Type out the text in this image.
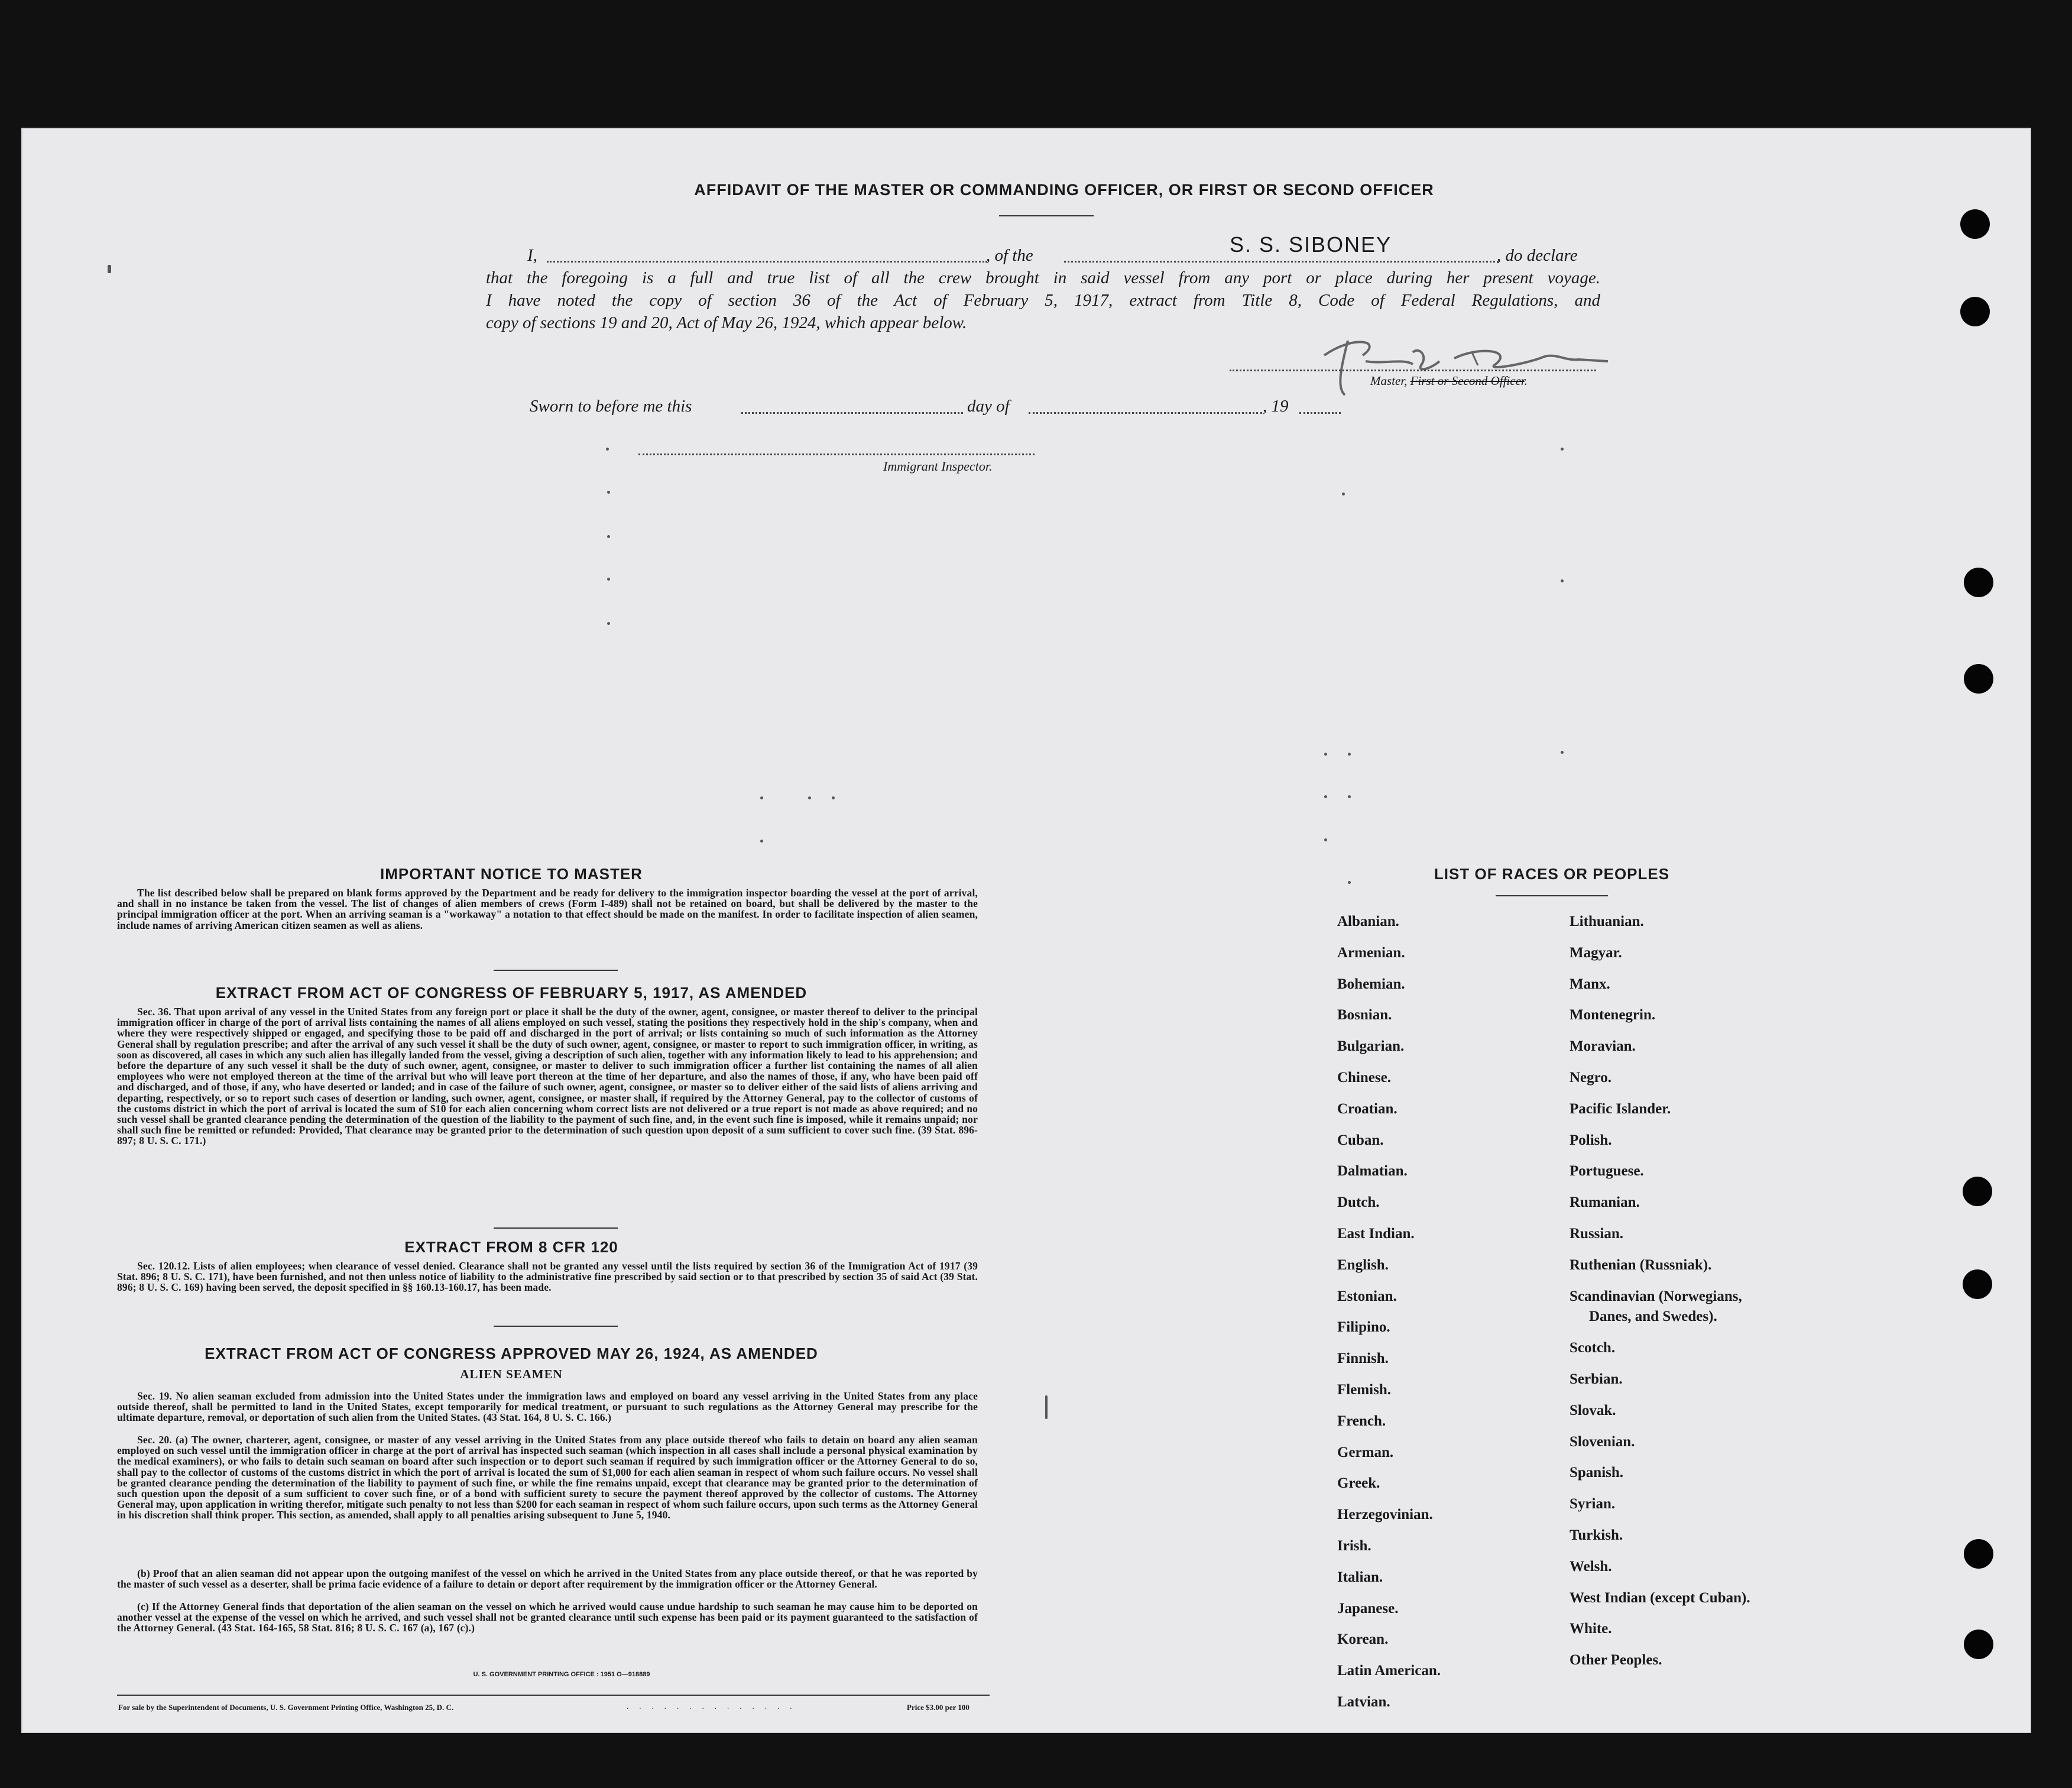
AFFIDAVIT OF THE MASTER OR COMMANDING OFFICER, OR FIRST OR SECOND OFFICER
I,	, of the	S. S. SIBONEY	, do declare
that the foregoing is a full and true list of all the crew brought in said vessel from any port or place during her present voyage.
I have noted the copy of section 36 of the Act of February 5, 1917, extract from Title 8, Code of Federal Regulations, and
copy of sections 19 and 20, Act of May 26, 1924, which appear below.
Master, First or Second Officer.
Sworn to before me this	day of	, 19
Immigrant Inspector.
IMPORTANT NOTICE TO MASTER
The list described below shall be prepared on blank forms approved by the Department and be ready for delivery to the immigration inspector boarding the vessel at the port of arrival, and shall in no instance be taken from the vessel. The list of changes of alien members of crews (Form I-489) shall not be retained on board, but shall be delivered by the master to the principal immigration officer at the port. When an arriving seaman is a "workaway" a notation to that effect should be made on the manifest. In order to facilitate inspection of alien seamen, include names of arriving American citizen seamen as well as aliens.
EXTRACT FROM ACT OF CONGRESS OF FEBRUARY 5, 1917, AS AMENDED
Sec. 36. That upon arrival of any vessel in the United States from any foreign port or place it shall be the duty of the owner, agent, consignee, or master thereof to deliver to the principal immigration officer in charge of the port of arrival lists containing the names of all aliens employed on such vessel, stating the positions they respectively hold in the ship's company, when and where they were respectively shipped or engaged, and specifying those to be paid off and discharged in the port of arrival; or lists containing so much of such information as the Attorney General shall by regulation prescribe; and after the arrival of any such vessel it shall be the duty of such owner, agent, consignee, or master to report to such immigration officer, in writing, as soon as discovered, all cases in which any such alien has illegally landed from the vessel, giving a description of such alien, together with any information likely to lead to his apprehension; and before the departure of any such vessel it shall be the duty of such owner, agent, consignee, or master to deliver to such immigration officer a further list containing the names of all alien employees who were not employed thereon at the time of the arrival but who will leave port thereon at the time of her departure, and also the names of those, if any, who have been paid off and discharged, and of those, if any, who have deserted or landed; and in case of the failure of such owner, agent, consignee, or master so to deliver either of the said lists of aliens arriving and departing, respectively, or so to report such cases of desertion or landing, such owner, agent, consignee, or master shall, if required by the Attorney General, pay to the collector of customs of the customs district in which the port of arrival is located the sum of $10 for each alien concerning whom correct lists are not delivered or a true report is not made as above required; and no such vessel shall be granted clearance pending the determination of the question of the liability to the payment of such fine, and, in the event such fine is imposed, while it remains unpaid; nor shall such fine be remitted or refunded: Provided, That clearance may be granted prior to the determination of such question upon deposit of a sum sufficient to cover such fine. (39 Stat. 896-897; 8 U. S. C. 171.)
EXTRACT FROM 8 CFR 120
Sec. 120.12. Lists of alien employees; when clearance of vessel denied. Clearance shall not be granted any vessel until the lists required by section 36 of the Immigration Act of 1917 (39 Stat. 896; 8 U. S. C. 171), have been furnished, and not then unless notice of liability to the administrative fine prescribed by said section or to that prescribed by section 35 of said Act (39 Stat. 896; 8 U. S. C. 169) having been served, the deposit specified in §§ 160.13-160.17, has been made.
EXTRACT FROM ACT OF CONGRESS APPROVED MAY 26, 1924, AS AMENDED
ALIEN SEAMEN
Sec. 19. No alien seaman excluded from admission into the United States under the immigration laws and employed on board any vessel arriving in the United States from any place outside thereof, shall be permitted to land in the United States, except temporarily for medical treatment, or pursuant to such regulations as the Attorney General may prescribe for the ultimate departure, removal, or deportation of such alien from the United States. (43 Stat. 164, 8 U. S. C. 166.)
Sec. 20. (a) The owner, charterer, agent, consignee, or master of any vessel arriving in the United States from any place outside thereof who fails to detain on board any alien seaman employed on such vessel until the immigration officer in charge at the port of arrival has inspected such seaman (which inspection in all cases shall include a personal physical examination by the medical examiners), or who fails to detain such seaman on board after such inspection or to deport such seaman if required by such immigration officer or the Attorney General to do so, shall pay to the collector of customs of the customs district in which the port of arrival is located the sum of $1,000 for each alien seaman in respect of whom such failure occurs. No vessel shall be granted clearance pending the determination of the liability to payment of such fine, or while the fine remains unpaid, except that clearance may be granted prior to the determination of such question upon the deposit of a sum sufficient to cover such fine, or of a bond with sufficient surety to secure the payment thereof approved by the collector of customs. The Attorney General may, upon application in writing therefor, mitigate such penalty to not less than $200 for each seaman in respect of whom such failure occurs, upon such terms as the Attorney General in his discretion shall think proper. This section, as amended, shall apply to all penalties arising subsequent to June 5, 1940.
(b) Proof that an alien seaman did not appear upon the outgoing manifest of the vessel on which he arrived in the United States from any place outside thereof, or that he was reported by the master of such vessel as a deserter, shall be prima facie evidence of a failure to detain or deport after requirement by the immigration officer or the Attorney General.
(c) If the Attorney General finds that deportation of the alien seaman on the vessel on which he arrived would cause undue hardship to such seaman he may cause him to be deported on another vessel at the expense of the vessel on which he arrived, and such vessel shall not be granted clearance until such expense has been paid or its payment guaranteed to the satisfaction of the Attorney General. (43 Stat. 164-165, 58 Stat. 816; 8 U. S. C. 167 (a), 167 (c).)
U. S. GOVERNMENT PRINTING OFFICE : 1951 O—918889
For sale by the Superintendent of Documents, U. S. Government Printing Office, Washington 25, D. C.	..............	Price $3.00 per 100
LIST OF RACES OR PEOPLES
Albanian.
Armenian.
Bohemian.
Bosnian.
Bulgarian.
Chinese.
Croatian.
Cuban.
Dalmatian.
Dutch.
East Indian.
English.
Estonian.
Filipino.
Finnish.
Flemish.
French.
German.
Greek.
Herzegovinian.
Irish.
Italian.
Japanese.
Korean.
Latin American.
Latvian.
Lithuanian.
Magyar.
Manx.
Montenegrin.
Moravian.
Negro.
Pacific Islander.
Polish.
Portuguese.
Rumanian.
Russian.
Ruthenian (Russniak).
Scandinavian (Norwegians,
Danes, and Swedes).
Scotch.
Serbian.
Slovak.
Slovenian.
Spanish.
Syrian.
Turkish.
Welsh.
West Indian (except Cuban).
White.
Other Peoples.
